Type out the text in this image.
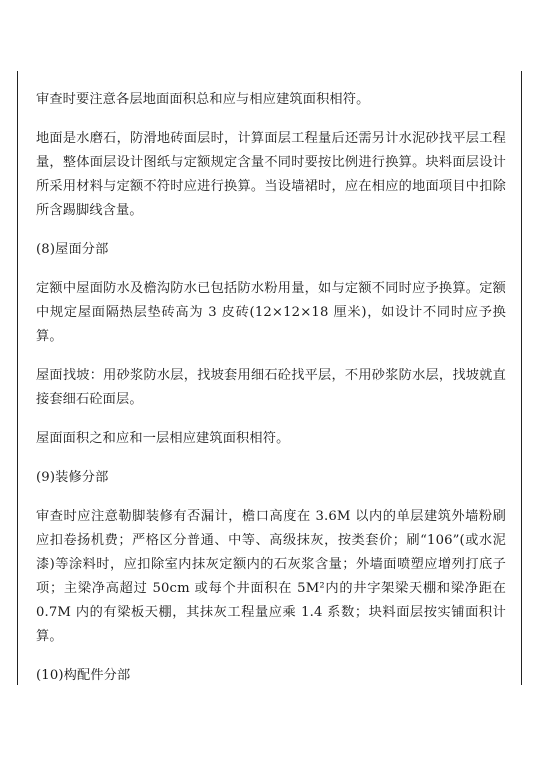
审查时要注意各层地面面积总和应与相应建筑面积相符。

地面是水磨石，防滑地砖面层时，计算面层工程量后还需另计水泥砂找平层工程量，整体面层设计图纸与定额规定含量不同时要按比例进行换算。块料面层设计所采用材料与定额不符时应进行换算。当设墙裙时，应在相应的地面项目中扣除所含踢脚线含量。

(8)屋面分部

定额中屋面防水及檐沟防水已包括防水粉用量，如与定额不同时应予换算。定额中规定屋面隔热层垫砖高为 3 皮砖(12×12×18 厘米)，如设计不同时应予换算。

屋面找坡：用砂浆防水层，找坡套用细石砼找平层，不用砂浆防水层，找坡就直接套细石砼面层。

屋面面积之和应和一层相应建筑面积相符。

(9)装修分部

审查时应注意勒脚装修有否漏计，檐口高度在 3.6M 以内的单层建筑外墙粉刷应扣卷扬机费；严格区分普通、中等、高级抹灰，按类套价；刷“106”(或水泥漆)等涂料时，应扣除室内抹灰定额内的石灰浆含量；外墙面喷塑应增列打底子项；主梁净高超过 50cm 或每个井面积在 5M²内的井字架梁天棚和梁净距在 0.7M 内的有梁板天棚，其抹灰工程量应乘 1.4 系数；块料面层按实铺面积计算。

(10)构配件分部
